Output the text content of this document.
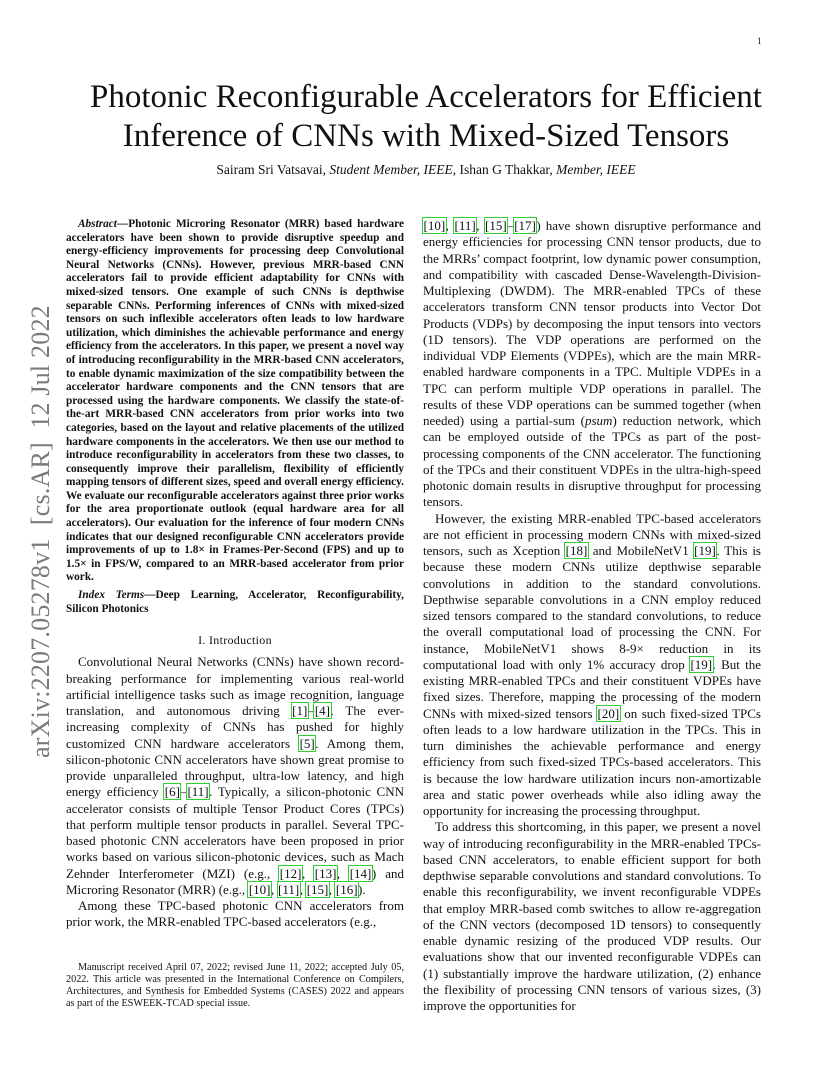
1
arXiv:2207.05278v1  [cs.AR]  12 Jul 2022
Photonic Reconfigurable Accelerators for Efficient
Inference of CNNs with Mixed-Sized Tensors
Sairam Sri Vatsavai, Student Member, IEEE, Ishan G Thakkar, Member, IEEE

Abstract—Photonic Microring Resonator (MRR) based hardware accelerators have been shown to provide disruptive speedup and energy-efficiency improvements for processing deep Convolutional Neural Networks (CNNs). However, previous MRR-based CNN accelerators fail to provide efficient adaptability for CNNs with mixed-sized tensors. One example of such CNNs is depthwise separable CNNs. Performing inferences of CNNs with mixed-sized tensors on such inflexible accelerators often leads to low hardware utilization, which diminishes the achievable performance and energy efficiency from the accelerators. In this paper, we present a novel way of introducing reconfigurability in the MRR-based CNN accelerators, to enable dynamic maximization of the size compatibility between the accelerator hardware components and the CNN tensors that are processed using the hardware components. We classify the state-of-the-art MRR-based CNN accelerators from prior works into two categories, based on the layout and relative placements of the utilized hardware components in the accelerators. We then use our method to introduce reconfigurability in accelerators from these two classes, to consequently improve their parallelism, flexibility of efficiently mapping tensors of different sizes, speed and overall energy efficiency. We evaluate our reconfigurable accelerators against three prior works for the area proportionate outlook (equal hardware area for all accelerators). Our evaluation for the inference of four modern CNNs indicates that our designed reconfigurable CNN accelerators provide improvements of up to 1.8× in Frames-Per-Second (FPS) and up to 1.5× in FPS/W, compared to an MRR-based accelerator from prior work.

Index Terms—Deep Learning, Accelerator, Reconfigurability, Silicon Photonics

I. Introduction

Convolutional Neural Networks (CNNs) have shown record-breaking performance for implementing various real-world artificial intelligence tasks such as image recognition, language translation, and autonomous driving [1]–[4]. The ever-increasing complexity of CNNs has pushed for highly customized CNN hardware accelerators [5]. Among them, silicon-photonic CNN accelerators have shown great promise to provide unparalleled throughput, ultra-low latency, and high energy efficiency [6]–[11]. Typically, a silicon-photonic CNN accelerator consists of multiple Tensor Product Cores (TPCs) that perform multiple tensor products in parallel. Several TPC-based photonic CNN accelerators have been proposed in prior works based on various silicon-photonic devices, such as Mach Zehnder Interferometer (MZI) (e.g., [12], [13], [14]) and Microring Resonator (MRR) (e.g., [10], [11], [15], [16]).

Among these TPC-based photonic CNN accelerators from prior work, the MRR-enabled TPC-based accelerators (e.g.,

Manuscript received April 07, 2022; revised June 11, 2022; accepted July 05, 2022. This article was presented in the International Conference on Compilers, Architectures, and Synthesis for Embedded Systems (CASES) 2022 and appears as part of the ESWEEK-TCAD special issue.

[10], [11], [15]–[17]) have shown disruptive performance and energy efficiencies for processing CNN tensor products, due to the MRRs’ compact footprint, low dynamic power consumption, and compatibility with cascaded Dense-Wavelength-Division-Multiplexing (DWDM). The MRR-enabled TPCs of these accelerators transform CNN tensor products into Vector Dot Products (VDPs) by decomposing the input tensors into vectors (1D tensors). The VDP operations are performed on the individual VDP Elements (VDPEs), which are the main MRR-enabled hardware components in a TPC. Multiple VDPEs in a TPC can perform multiple VDP operations in parallel. The results of these VDP operations can be summed together (when needed) using a partial-sum (psum) reduction network, which can be employed outside of the TPCs as part of the post-processing components of the CNN accelerator. The functioning of the TPCs and their constituent VDPEs in the ultra-high-speed photonic domain results in disruptive throughput for processing tensors.

However, the existing MRR-enabled TPC-based accelerators are not efficient in processing modern CNNs with mixed-sized tensors, such as Xception [18] and MobileNetV1 [19]. This is because these modern CNNs utilize depthwise separable convolutions in addition to the standard convolutions. Depthwise separable convolutions in a CNN employ reduced sized tensors compared to the standard convolutions, to reduce the overall computational load of processing the CNN. For instance, MobileNetV1 shows 8-9× reduction in its computational load with only 1% accuracy drop [19]. But the existing MRR-enabled TPCs and their constituent VDPEs have fixed sizes. Therefore, mapping the processing of the modern CNNs with mixed-sized tensors [20] on such fixed-sized TPCs often leads to a low hardware utilization in the TPCs. This in turn diminishes the achievable performance and energy efficiency from such fixed-sized TPCs-based accelerators. This is because the low hardware utilization incurs non-amortizable area and static power overheads while also idling away the opportunity for increasing the processing throughput.

To address this shortcoming, in this paper, we present a novel way of introducing reconfigurability in the MRR-enabled TPCs-based CNN accelerators, to enable efficient support for both depthwise separable convolutions and standard convolutions. To enable this reconfigurability, we invent reconfigurable VDPEs that employ MRR-based comb switches to allow re-aggregation of the CNN vectors (decomposed 1D tensors) to consequently enable dynamic resizing of the produced VDP results. Our evaluations show that our invented reconfigurable VDPEs can (1) substantially improve the hardware utilization, (2) enhance the flexibility of processing CNN tensors of various sizes, (3) improve the opportunities for
